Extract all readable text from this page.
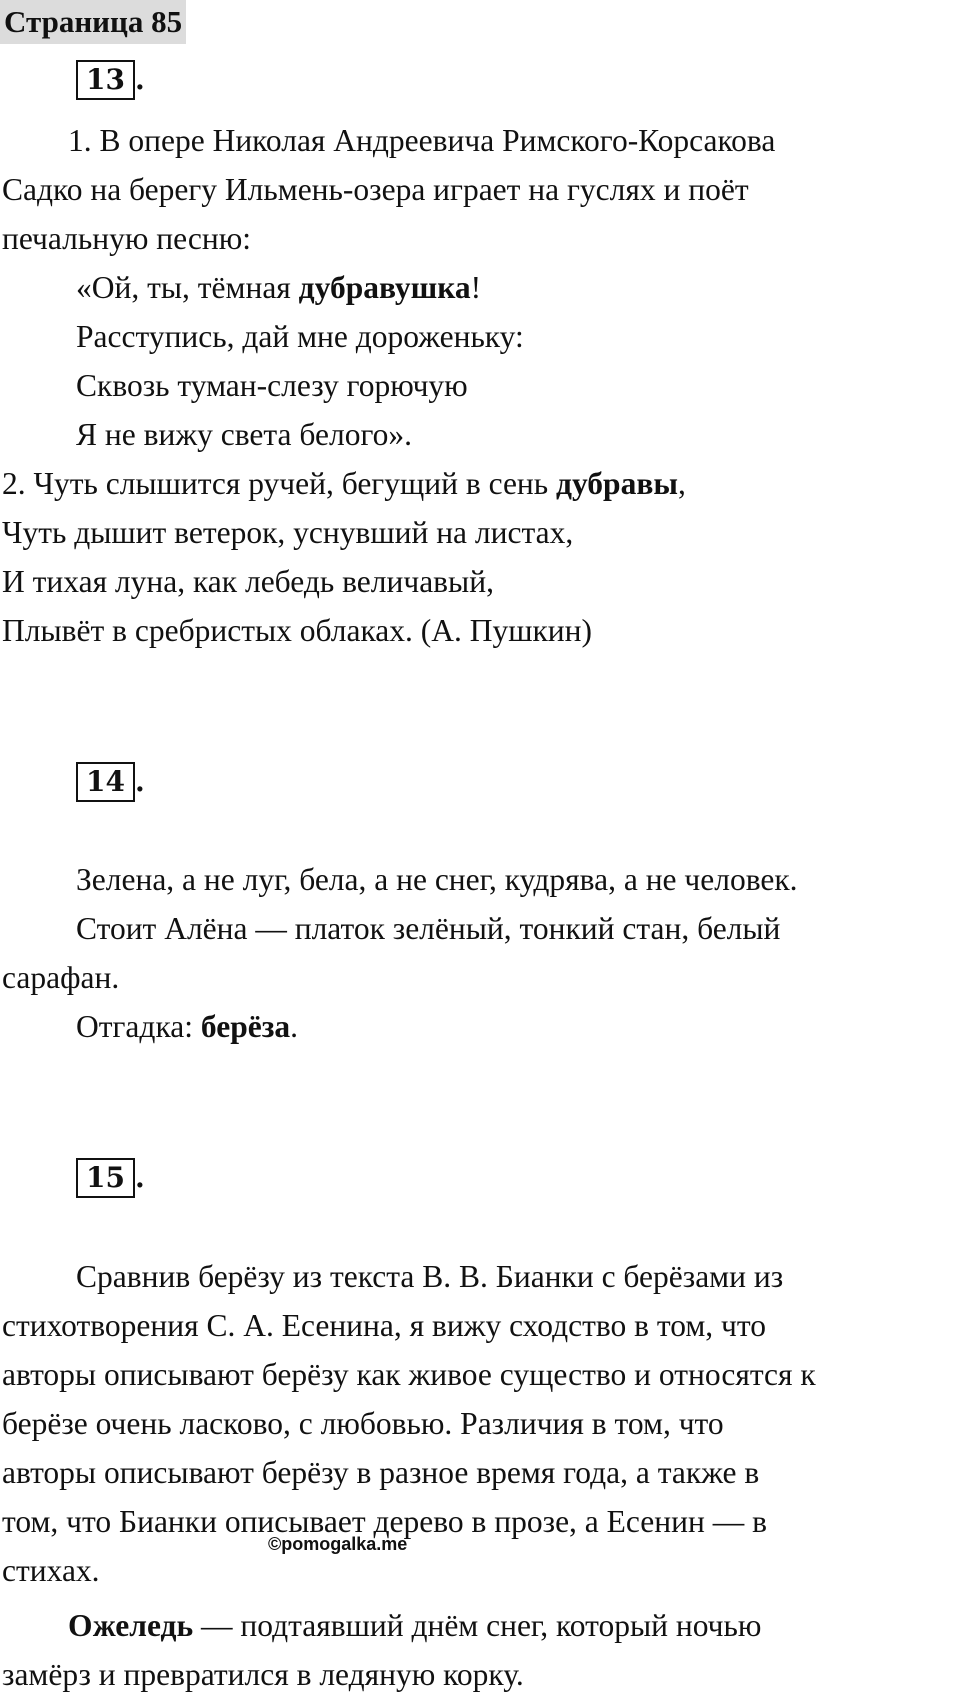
Страница 85
13 .
1. В опере Николая Андреевича Римского-Корсакова
Садко на берегу Ильмень-озера играет на гуслях и поёт
печальную песню:
«Ой, ты, тёмная дубравушка!
Расступись, дай мне дороженьку:
Сквозь туман-слезу горючую
Я не вижу света белого».
2. Чуть слышится ручей, бегущий в сень дубравы,
Чуть дышит ветерок, уснувший на листах,
И тихая луна, как лебедь величавый,
Плывёт в сребристых облаках. (А. Пушкин)
14 .
Зелена, а не луг, бела, а не снег, кудрява, а не человек.
Стоит Алёна — платок зелёный, тонкий стан, белый
сарафан.
Отгадка: берёза.
15 .
Сравнив берёзу из текста В. В. Бианки с берёзами из
стихотворения С. А. Есенина, я вижу сходство в том, что
авторы описывают берёзу как живое существо и относятся к
берёзе очень ласково, с любовью. Различия в том, что
авторы описывают берёзу в разное время года, а также в
том, что Бианки описывает дерево в прозе, а Есенин — в
стихах.
©pomogalka.me
Ожеледь — подтаявший днём снег, который ночью
замёрз и превратился в ледяную корку.
